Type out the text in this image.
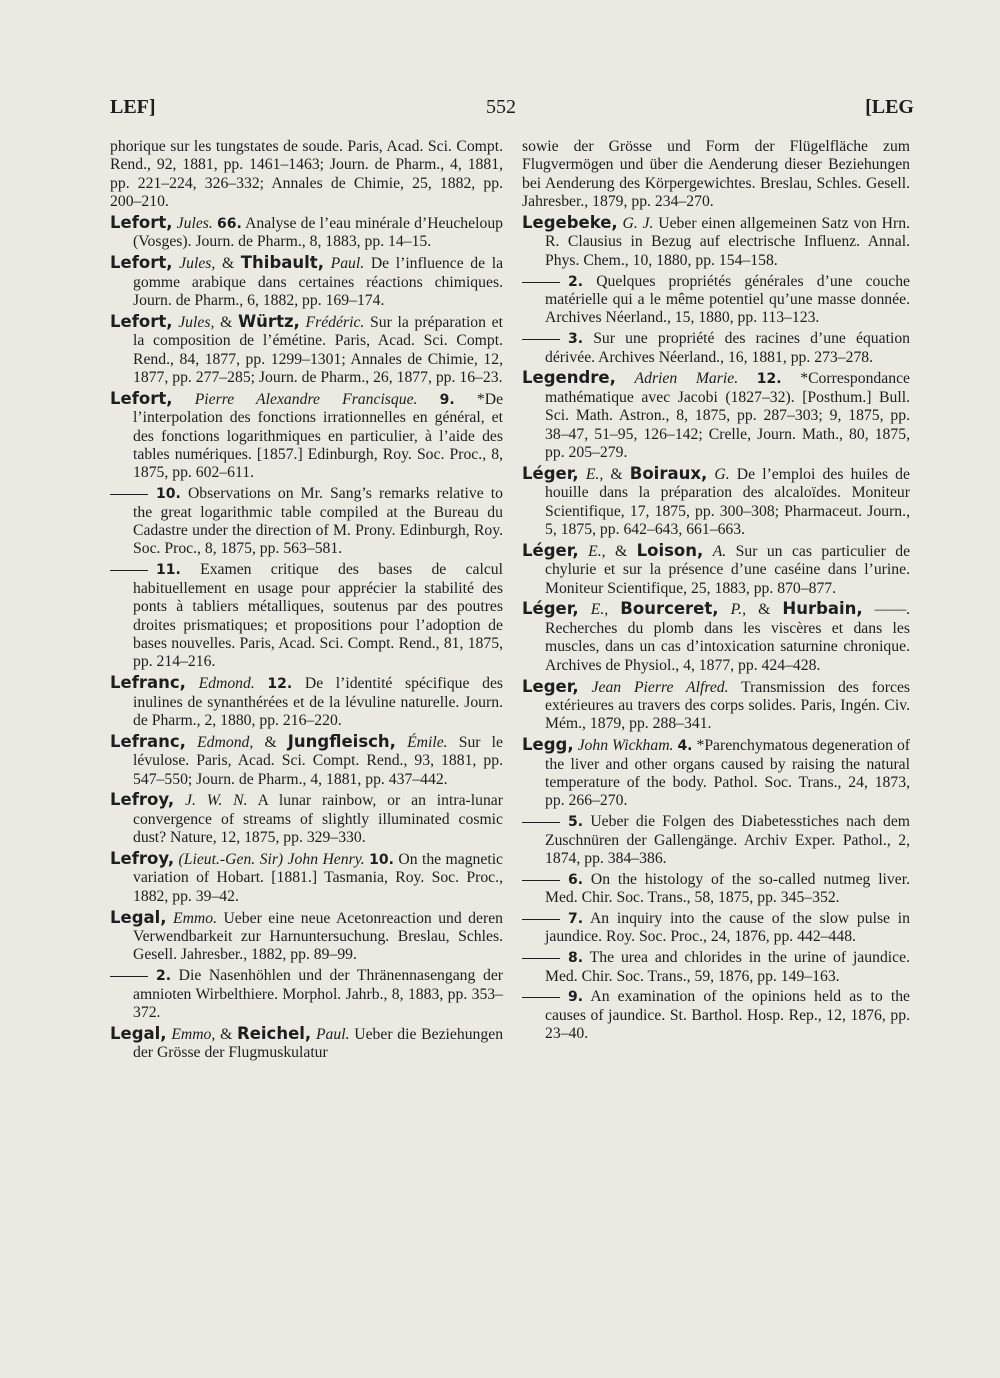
LEF]	552	[LEG

phorique sur les tungstates de soude. Paris, Acad. Sci. Compt. Rend., 92, 1881, pp. 1461–1463; Journ. de Pharm., 4, 1881, pp. 221–224, 326–332; Annales de Chimie, 25, 1882, pp. 200–210.

Lefort, Jules. 66. Analyse de l’eau minérale d’Heucheloup (Vosges). Journ. de Pharm., 8, 1883, pp. 14–15.

Lefort, Jules, & Thibault, Paul. De l’influence de la gomme arabique dans certaines réactions chimiques. Journ. de Pharm., 6, 1882, pp. 169–174.

Lefort, Jules, & Würtz, Frédéric. Sur la préparation et la composition de l’émétine. Paris, Acad. Sci. Compt. Rend., 84, 1877, pp. 1299–1301; Annales de Chimie, 12, 1877, pp. 277–285; Journ. de Pharm., 26, 1877, pp. 16–23.

Lefort, Pierre Alexandre Francisque. 9. *De l’interpolation des fonctions irrationnelles en général, et des fonctions logarithmiques en particulier, à l’aide des tables numériques. [1857.] Edinburgh, Roy. Soc. Proc., 8, 1875, pp. 602–611.

10. Observations on Mr. Sang’s remarks relative to the great logarithmic table compiled at the Bureau du Cadastre under the direction of M. Prony. Edinburgh, Roy. Soc. Proc., 8, 1875, pp. 563–581.

11. Examen critique des bases de calcul habituellement en usage pour apprécier la stabilité des ponts à tabliers métalliques, soutenus par des poutres droites prismatiques; et propositions pour l’adoption de bases nouvelles. Paris, Acad. Sci. Compt. Rend., 81, 1875, pp. 214–216.

Lefranc, Edmond. 12. De l’identité spécifique des inulines de synanthérées et de la lévuline naturelle. Journ. de Pharm., 2, 1880, pp. 216–220.

Lefranc, Edmond, & Jungfleisch, Émile. Sur le lévulose. Paris, Acad. Sci. Compt. Rend., 93, 1881, pp. 547–550; Journ. de Pharm., 4, 1881, pp. 437–442.

Lefroy, J. W. N. A lunar rainbow, or an intra-lunar convergence of streams of slightly illuminated cosmic dust? Nature, 12, 1875, pp. 329–330.

Lefroy, (Lieut.-Gen. Sir) John Henry. 10. On the magnetic variation of Hobart. [1881.] Tasmania, Roy. Soc. Proc., 1882, pp. 39–42.

Legal, Emmo. Ueber eine neue Acetonreaction und deren Verwendbarkeit zur Harnuntersuchung. Breslau, Schles. Gesell. Jahresber., 1882, pp. 89–99.

2. Die Nasenhöhlen und der Thränennasengang der amnioten Wirbelthiere. Morphol. Jahrb., 8, 1883, pp. 353–372.

Legal, Emmo, & Reichel, Paul. Ueber die Beziehungen der Grösse der Flugmuskulatur

sowie der Grösse und Form der Flügelfläche zum Flugvermögen und über die Aenderung dieser Beziehungen bei Aenderung des Körpergewichtes. Breslau, Schles. Gesell. Jahresber., 1879, pp. 234–270.

Legebeke, G. J. Ueber einen allgemeinen Satz von Hrn. R. Clausius in Bezug auf electrische Influenz. Annal. Phys. Chem., 10, 1880, pp. 154–158.

2. Quelques propriétés générales d’une couche matérielle qui a le même potentiel qu’une masse donnée. Archives Néerland., 15, 1880, pp. 113–123.

3. Sur une propriété des racines d’une équation dérivée. Archives Néerland., 16, 1881, pp. 273–278.

Legendre, Adrien Marie. 12. *Correspondance mathématique avec Jacobi (1827–32). [Posthum.] Bull. Sci. Math. Astron., 8, 1875, pp. 287–303; 9, 1875, pp. 38–47, 51–95, 126–142; Crelle, Journ. Math., 80, 1875, pp. 205–279.

Léger, E., & Boiraux, G. De l’emploi des huiles de houille dans la préparation des alcaloïdes. Moniteur Scientifique, 17, 1875, pp. 300–308; Pharmaceut. Journ., 5, 1875, pp. 642–643, 661–663.

Léger, E., & Loison, A. Sur un cas particulier de chylurie et sur la présence d’une caséine dans l’urine. Moniteur Scientifique, 25, 1883, pp. 870–877.

Léger, E., Bourceret, P., & Hurbain, ——. Recherches du plomb dans les viscères et dans les muscles, dans un cas d’intoxication saturnine chronique. Archives de Physiol., 4, 1877, pp. 424–428.

Leger, Jean Pierre Alfred. Transmission des forces extérieures au travers des corps solides. Paris, Ingén. Civ. Mém., 1879, pp. 288–341.

Legg, John Wickham. 4. *Parenchymatous degeneration of the liver and other organs caused by raising the natural temperature of the body. Pathol. Soc. Trans., 24, 1873, pp. 266–270.

5. Ueber die Folgen des Diabetesstiches nach dem Zuschnüren der Gallengänge. Archiv Exper. Pathol., 2, 1874, pp. 384–386.

6. On the histology of the so-called nutmeg liver. Med. Chir. Soc. Trans., 58, 1875, pp. 345–352.

7. An inquiry into the cause of the slow pulse in jaundice. Roy. Soc. Proc., 24, 1876, pp. 442–448.

8. The urea and chlorides in the urine of jaundice. Med. Chir. Soc. Trans., 59, 1876, pp. 149–163.

9. An examination of the opinions held as to the causes of jaundice. St. Barthol. Hosp. Rep., 12, 1876, pp. 23–40.
